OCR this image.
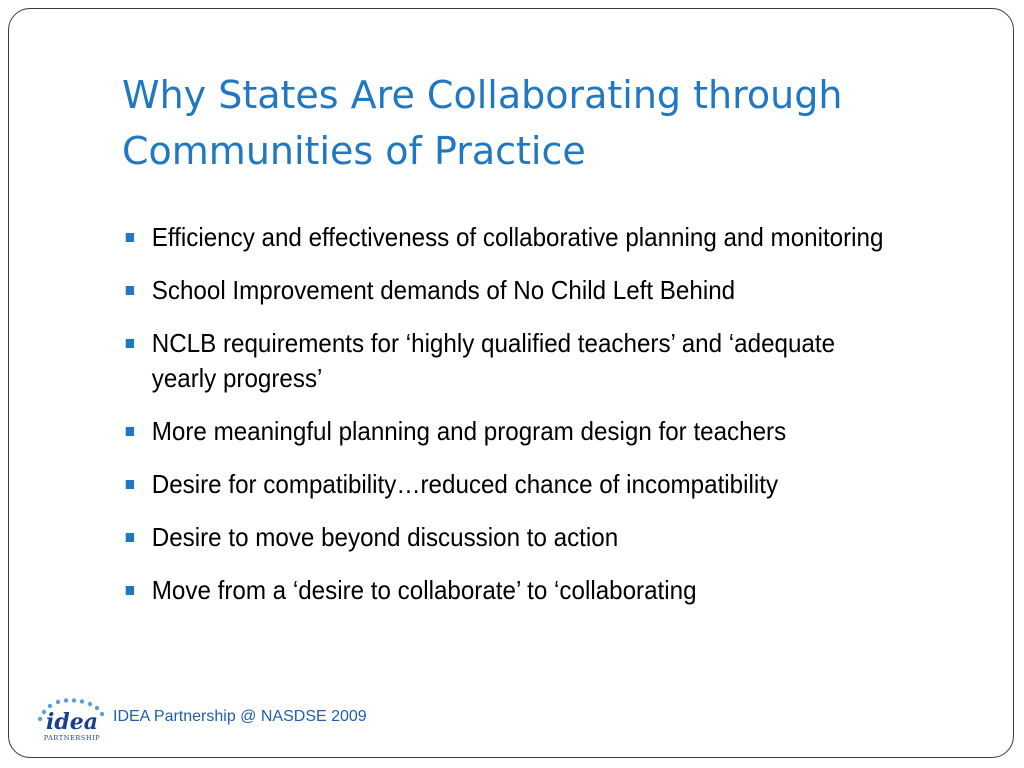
Why States Are Collaborating through
Communities of Practice
Efficiency and effectiveness of collaborative planning and monitoring
School Improvement demands of No Child Left Behind
NCLB requirements for ‘highly qualified teachers’ and ‘adequate yearly progress’
More meaningful planning and program design for teachers
Desire for compatibility…reduced chance of incompatibility
Desire to move beyond discussion to action
Move from a ‘desire to collaborate’ to ‘collaborating
idea
PARTNERSHIP
IDEA Partnership @ NASDSE 2009
